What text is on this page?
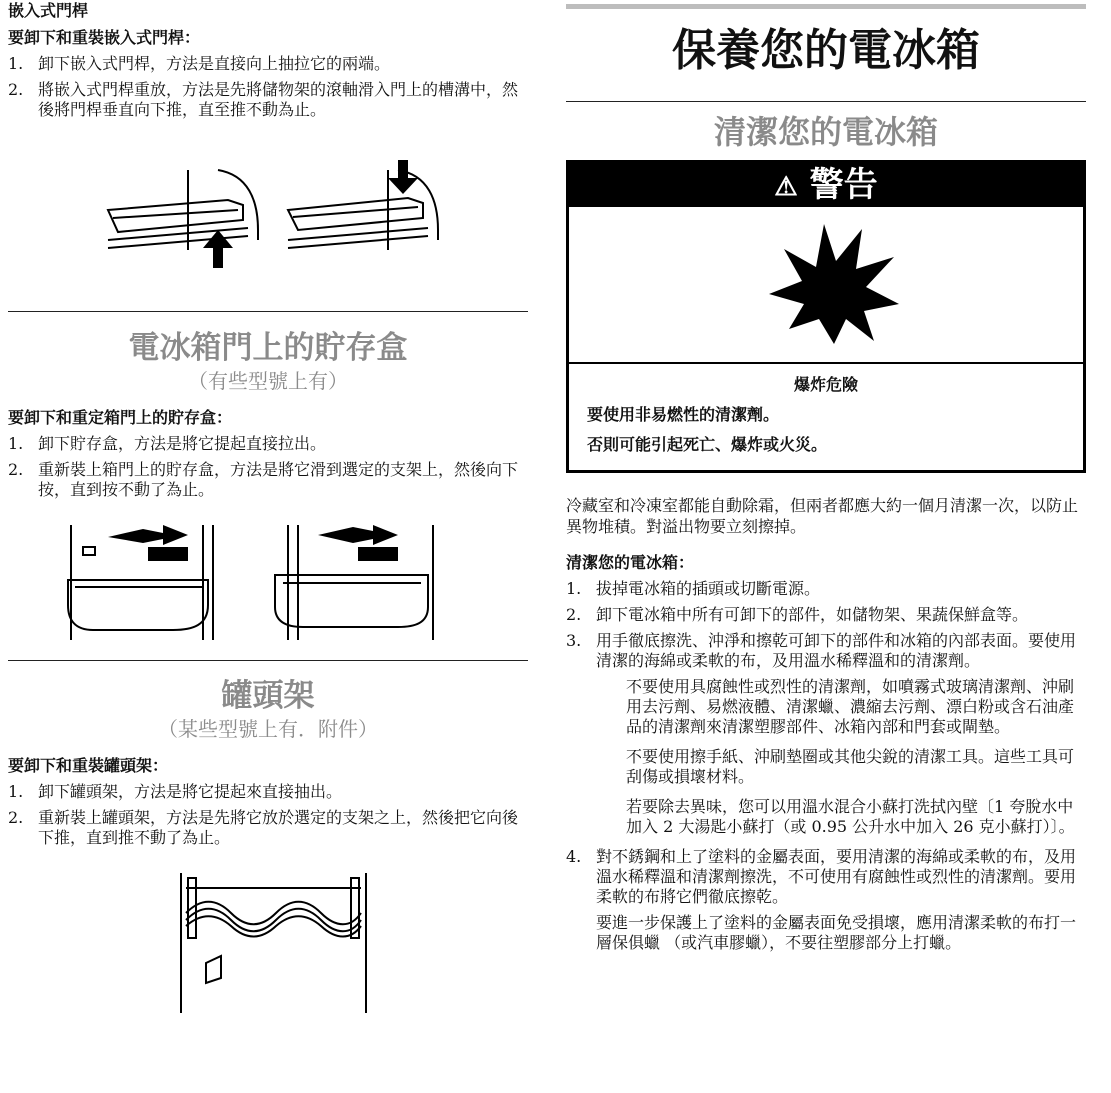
嵌入式門桿

要卸下和重裝嵌入式門桿：

1. 卸下嵌入式門桿，方法是直接向上抽拉它的兩端。
2. 將嵌入式門桿重放，方法是先將儲物架的滾軸滑入門上的槽溝中，然後將門桿垂直向下推，直至推不動為止。

電冰箱門上的貯存盒

（有些型號上有）

要卸下和重定箱門上的貯存盒：

1. 卸下貯存盒，方法是將它提起直接拉出。
2. 重新裝上箱門上的貯存盒，方法是將它滑到選定的支架上，然後向下按，直到按不動了為止。

罐頭架

（某些型號上有．附件）

要卸下和重裝罐頭架：

1. 卸下罐頭架，方法是將它提起來直接抽出。
2. 重新裝上罐頭架，方法是先將它放於選定的支架之上，然後把它向後下推，直到推不動了為止。

保養您的電冰箱

清潔您的電冰箱

⚠ 警告

爆炸危險

要使用非易燃性的清潔劑。

否則可能引起死亡、爆炸或火災。

冷藏室和冷凍室都能自動除霜，但兩者都應大約一個月清潔一次，以防止異物堆積。對溢出物要立刻擦掉。

清潔您的電冰箱：

1. 拔掉電冰箱的插頭或切斷電源。
2. 卸下電冰箱中所有可卸下的部件，如儲物架、果蔬保鮮盒等。
3. 用手徹底擦洗、沖淨和擦乾可卸下的部件和冰箱的內部表面。要使用清潔的海綿或柔軟的布，及用溫水稀釋溫和的清潔劑。

不要使用具腐蝕性或烈性的清潔劑，如噴霧式玻璃清潔劑、沖刷用去污劑、易燃液體、清潔蠟、濃縮去污劑、漂白粉或含石油產品的清潔劑來清潔塑膠部件、冰箱內部和門套或閘墊。

不要使用擦手紙、沖刷墊圈或其他尖銳的清潔工具。這些工具可刮傷或損壞材料。

若要除去異味，您可以用溫水混合小蘇打洗拭內壁〔1 夸脫水中加入 2 大湯匙小蘇打（或 0.95 公升水中加入 26 克小蘇打）〕。

4. 對不銹鋼和上了塗料的金屬表面，要用清潔的海綿或柔軟的布，及用溫水稀釋溫和清潔劑擦洗，不可使用有腐蝕性或烈性的清潔劑。要用柔軟的布將它們徹底擦乾。

要進一步保護上了塗料的金屬表面免受損壞，應用清潔柔軟的布打一層保俱蠟 （或汽車膠蠟），不要往塑膠部分上打蠟。
